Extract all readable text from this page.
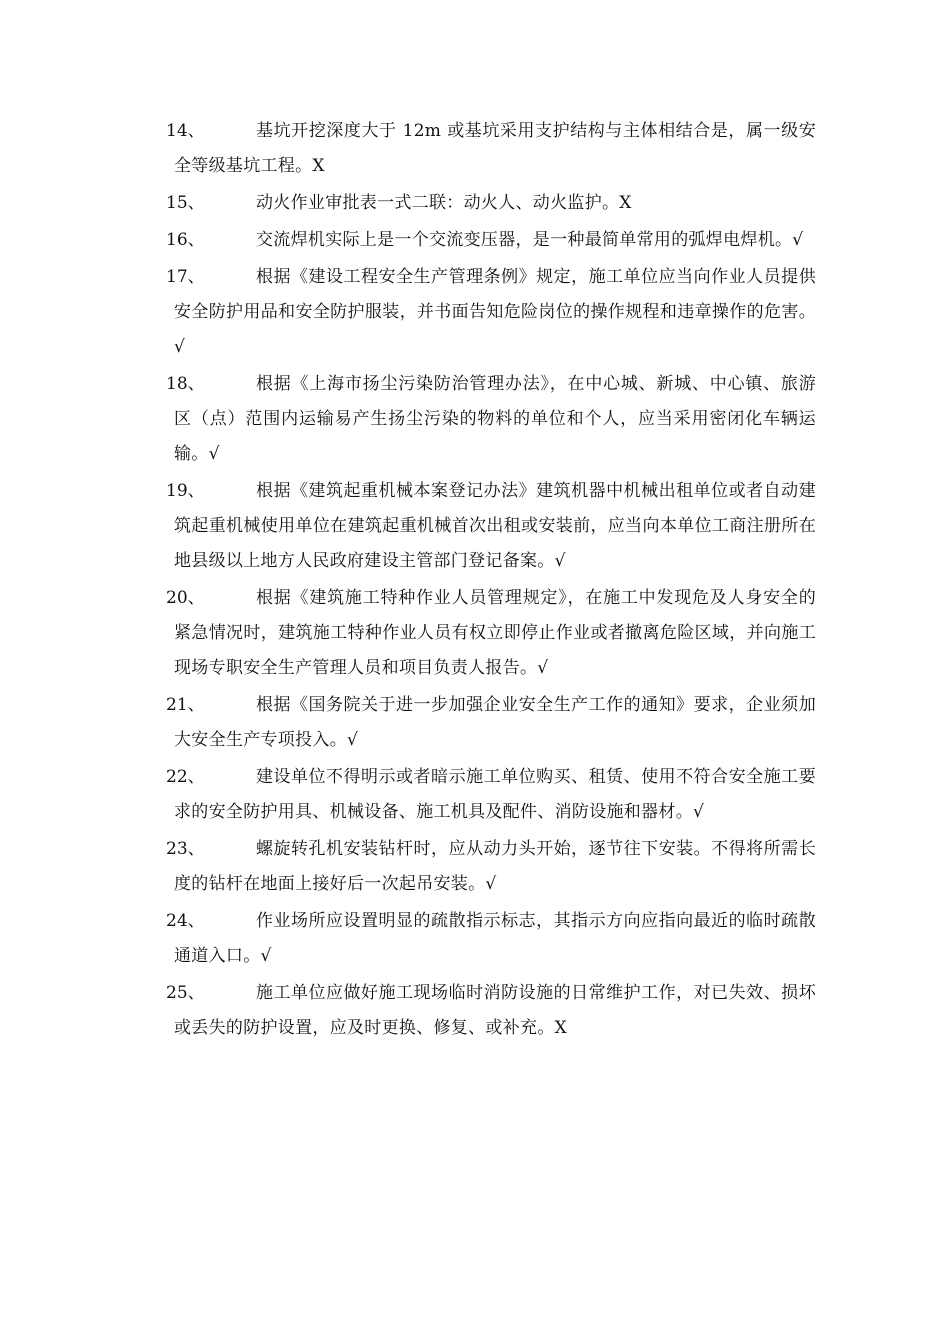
14、	基坑开挖深度大于 12m 或基坑采用支护结构与主体相结合是，属一级安全等级基坑工程。X
15、	动火作业审批表一式二联：动火人、动火监护。X
16、	交流焊机实际上是一个交流变压器，是一种最简单常用的弧焊电焊机。√
17、	根据《建设工程安全生产管理条例》规定，施工单位应当向作业人员提供安全防护用品和安全防护服装，并书面告知危险岗位的操作规程和违章操作的危害。√
18、	根据《上海市扬尘污染防治管理办法》，在中心城、新城、中心镇、旅游区（点）范围内运输易产生扬尘污染的物料的单位和个人，应当采用密闭化车辆运输。√
19、	根据《建筑起重机械本案登记办法》建筑机器中机械出租单位或者自动建筑起重机械使用单位在建筑起重机械首次出租或安装前，应当向本单位工商注册所在地县级以上地方人民政府建设主管部门登记备案。√
20、	根据《建筑施工特种作业人员管理规定》，在施工中发现危及人身安全的紧急情况时，建筑施工特种作业人员有权立即停止作业或者撤离危险区域，并向施工现场专职安全生产管理人员和项目负责人报告。√
21、	根据《国务院关于进一步加强企业安全生产工作的通知》要求，企业须加大安全生产专项投入。√
22、	建设单位不得明示或者暗示施工单位购买、租赁、使用不符合安全施工要求的安全防护用具、机械设备、施工机具及配件、消防设施和器材。√
23、	螺旋转孔机安装钻杆时，应从动力头开始，逐节往下安装。不得将所需长度的钻杆在地面上接好后一次起吊安装。√
24、	作业场所应设置明显的疏散指示标志，其指示方向应指向最近的临时疏散通道入口。√
25、	施工单位应做好施工现场临时消防设施的日常维护工作，对已失效、损坏或丢失的防护设置，应及时更换、修复、或补充。X
